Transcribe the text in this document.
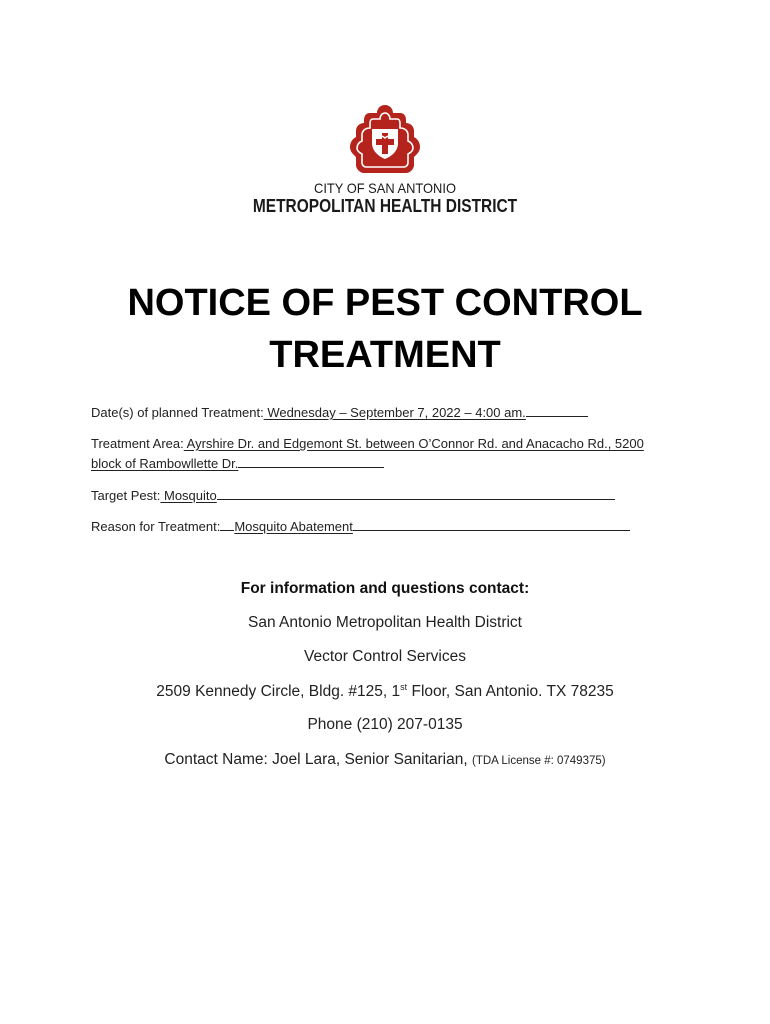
CITY OF SAN ANTONIO
METROPOLITAN HEALTH DISTRICT
NOTICE OF PEST CONTROL
TREATMENT
Date(s) of planned Treatment: Wednesday – September 7, 2022 – 4:00 am.
Treatment Area: Ayrshire Dr. and Edgemont St. between O’Connor Rd. and Anacacho Rd., 5200
block of Rambowllette Dr.
Target Pest: Mosquito
Reason for Treatment: Mosquito Abatement
For information and questions contact:
San Antonio Metropolitan Health District
Vector Control Services
2509 Kennedy Circle, Bldg. #125, 1st Floor, San Antonio. TX 78235
Phone (210) 207-0135
Contact Name: Joel Lara, Senior Sanitarian, (TDA License #: 0749375)
